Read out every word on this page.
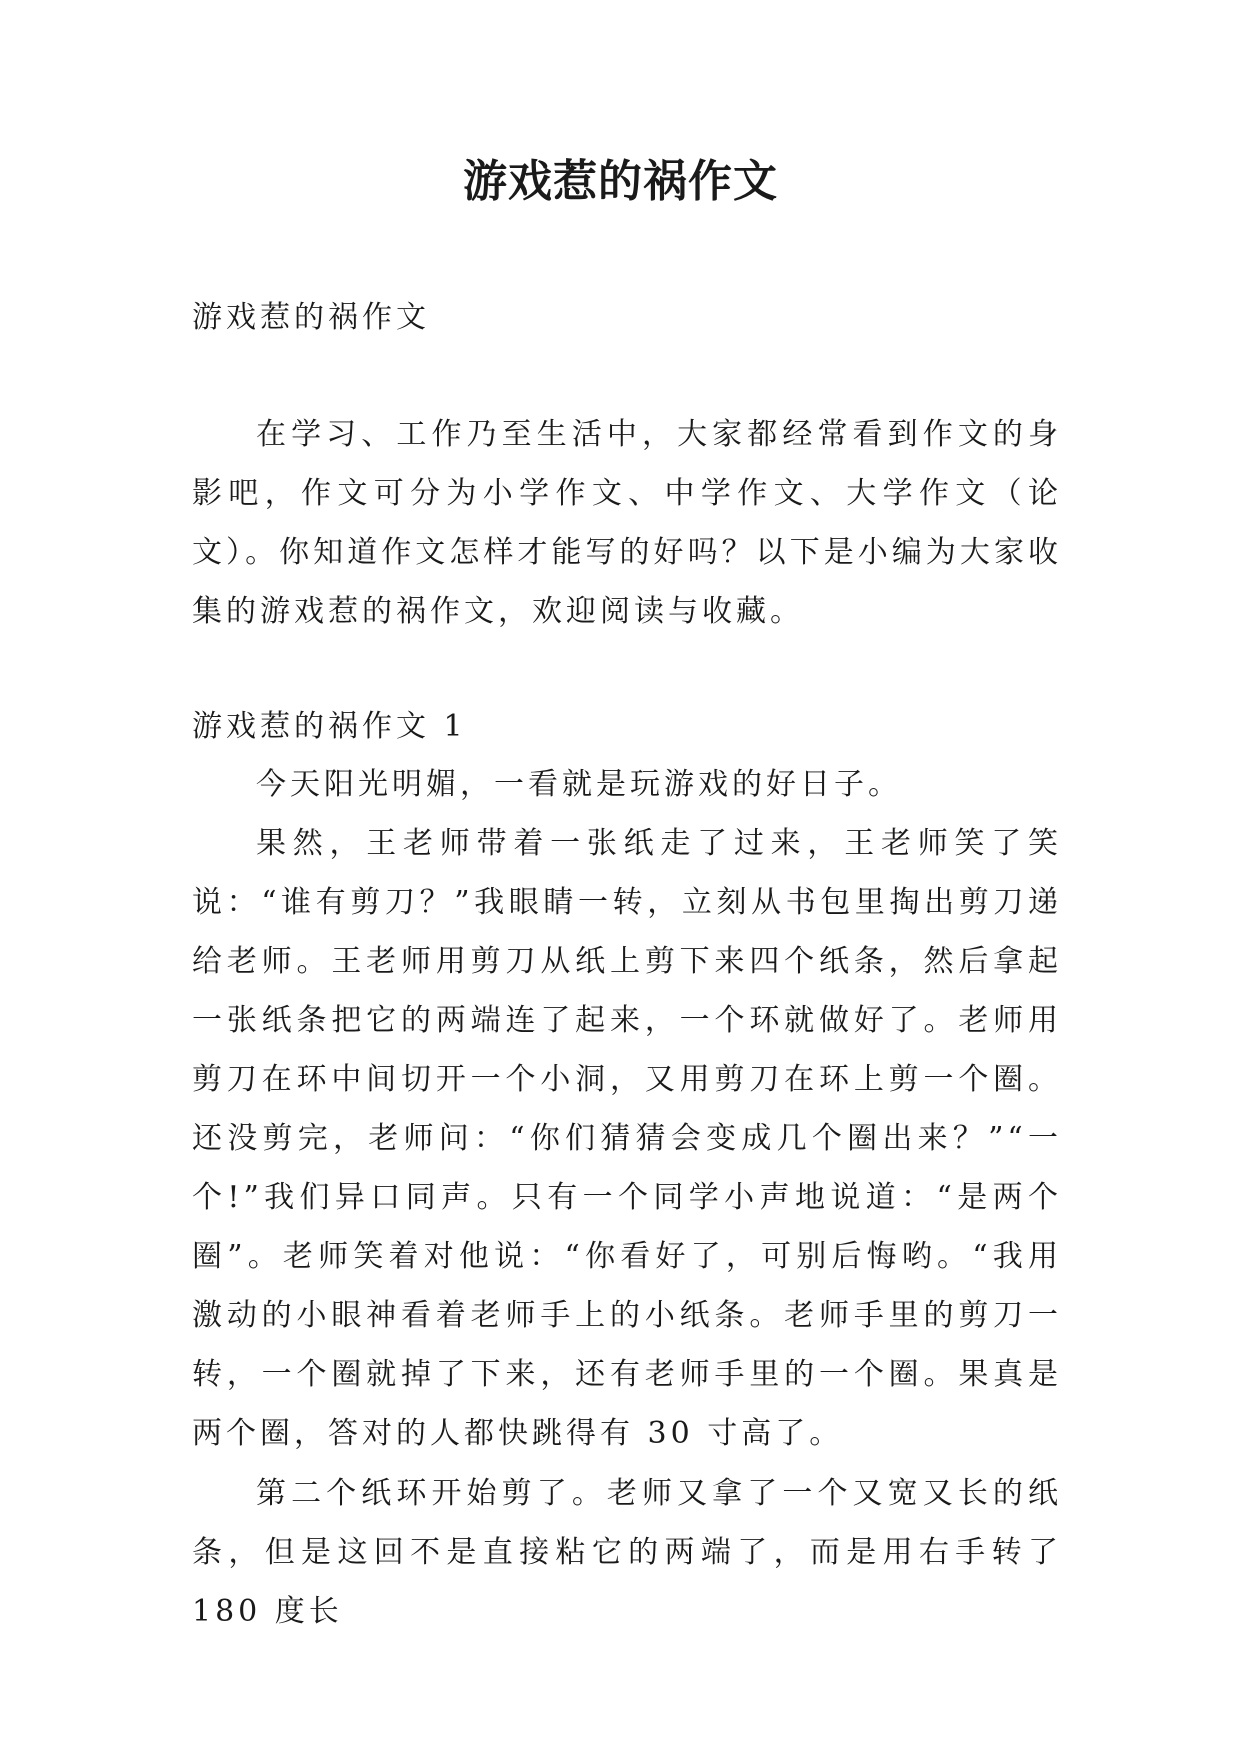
游戏惹的祸作文

游戏惹的祸作文

在学习、工作乃至生活中，大家都经常看到作文的身影吧，作文可分为小学作文、中学作文、大学作文（论文）。你知道作文怎样才能写的好吗？以下是小编为大家收集的游戏惹的祸作文，欢迎阅读与收藏。

游戏惹的祸作文 1

今天阳光明媚，一看就是玩游戏的好日子。

果然，王老师带着一张纸走了过来，王老师笑了笑说：“谁有剪刀？”我眼睛一转，立刻从书包里掏出剪刀递给老师。王老师用剪刀从纸上剪下来四个纸条，然后拿起一张纸条把它的两端连了起来，一个环就做好了。老师用剪刀在环中间切开一个小洞，又用剪刀在环上剪一个圈。还没剪完，老师问：“你们猜猜会变成几个圈出来？”“一个!”我们异口同声。只有一个同学小声地说道：“是两个圈”。老师笑着对他说：“你看好了，可别后悔哟。“我用激动的小眼神看着老师手上的小纸条。老师手里的剪刀一转，一个圈就掉了下来，还有老师手里的一个圈。果真是两个圈，答对的人都快跳得有 30 寸高了。

第二个纸环开始剪了。老师又拿了一个又宽又长的纸条，但是这回不是直接粘它的两端了，而是用右手转了 180 度长
